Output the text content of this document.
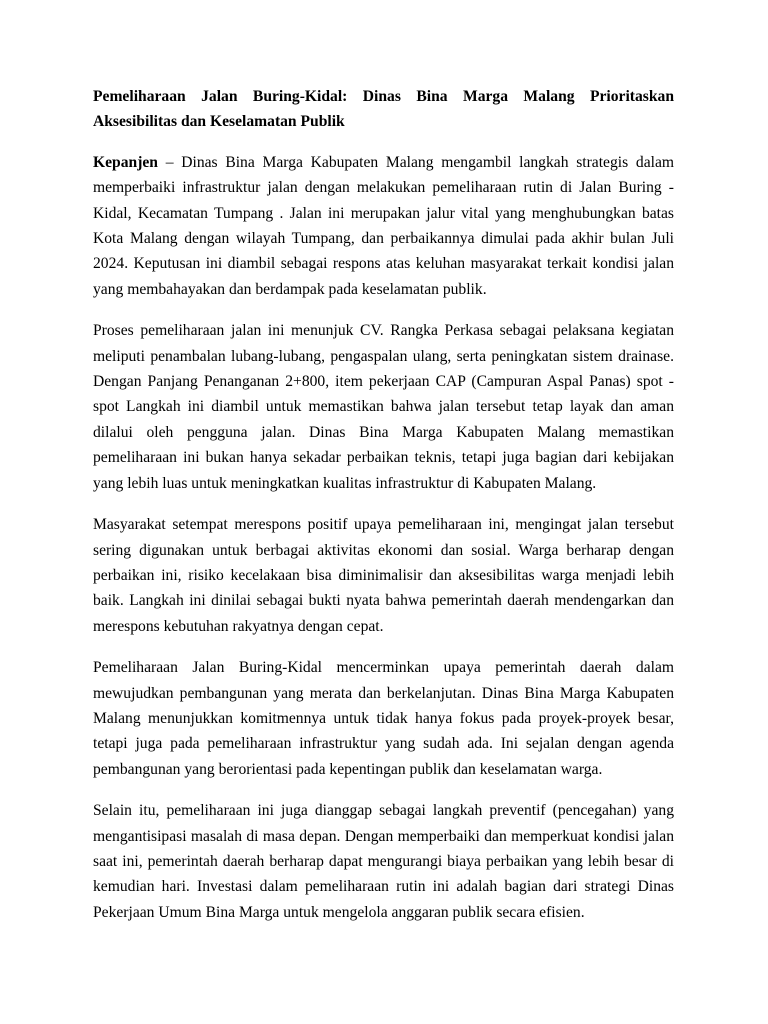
Pemeliharaan Jalan Buring-Kidal: Dinas Bina Marga Malang Prioritaskan Aksesibilitas dan Keselamatan Publik

Kepanjen – Dinas Bina Marga Kabupaten Malang mengambil langkah strategis dalam memperbaiki infrastruktur jalan dengan melakukan pemeliharaan rutin di Jalan Buring - Kidal, Kecamatan Tumpang . Jalan ini merupakan jalur vital yang menghubungkan batas Kota Malang dengan wilayah Tumpang, dan perbaikannya dimulai pada akhir bulan Juli 2024. Keputusan ini diambil sebagai respons atas keluhan masyarakat terkait kondisi jalan yang membahayakan dan berdampak pada keselamatan publik.

Proses pemeliharaan jalan ini menunjuk CV. Rangka Perkasa sebagai pelaksana kegiatan meliputi penambalan lubang-lubang, pengaspalan ulang, serta peningkatan sistem drainase. Dengan Panjang Penanganan 2+800, item pekerjaan CAP (Campuran Aspal Panas) spot - spot Langkah ini diambil untuk memastikan bahwa jalan tersebut tetap layak dan aman dilalui oleh pengguna jalan. Dinas Bina Marga Kabupaten Malang memastikan pemeliharaan ini bukan hanya sekadar perbaikan teknis, tetapi juga bagian dari kebijakan yang lebih luas untuk meningkatkan kualitas infrastruktur di Kabupaten Malang.

Masyarakat setempat merespons positif upaya pemeliharaan ini, mengingat jalan tersebut sering digunakan untuk berbagai aktivitas ekonomi dan sosial. Warga berharap dengan perbaikan ini, risiko kecelakaan bisa diminimalisir dan aksesibilitas warga menjadi lebih baik. Langkah ini dinilai sebagai bukti nyata bahwa pemerintah daerah mendengarkan dan merespons kebutuhan rakyatnya dengan cepat.

Pemeliharaan Jalan Buring-Kidal mencerminkan upaya pemerintah daerah dalam mewujudkan pembangunan yang merata dan berkelanjutan. Dinas Bina Marga Kabupaten Malang menunjukkan komitmennya untuk tidak hanya fokus pada proyek-proyek besar, tetapi juga pada pemeliharaan infrastruktur yang sudah ada. Ini sejalan dengan agenda pembangunan yang berorientasi pada kepentingan publik dan keselamatan warga.

Selain itu, pemeliharaan ini juga dianggap sebagai langkah preventif (pencegahan) yang mengantisipasi masalah di masa depan. Dengan memperbaiki dan memperkuat kondisi jalan saat ini, pemerintah daerah berharap dapat mengurangi biaya perbaikan yang lebih besar di kemudian hari. Investasi dalam pemeliharaan rutin ini adalah bagian dari strategi Dinas Pekerjaan Umum Bina Marga untuk mengelola anggaran publik secara efisien.
